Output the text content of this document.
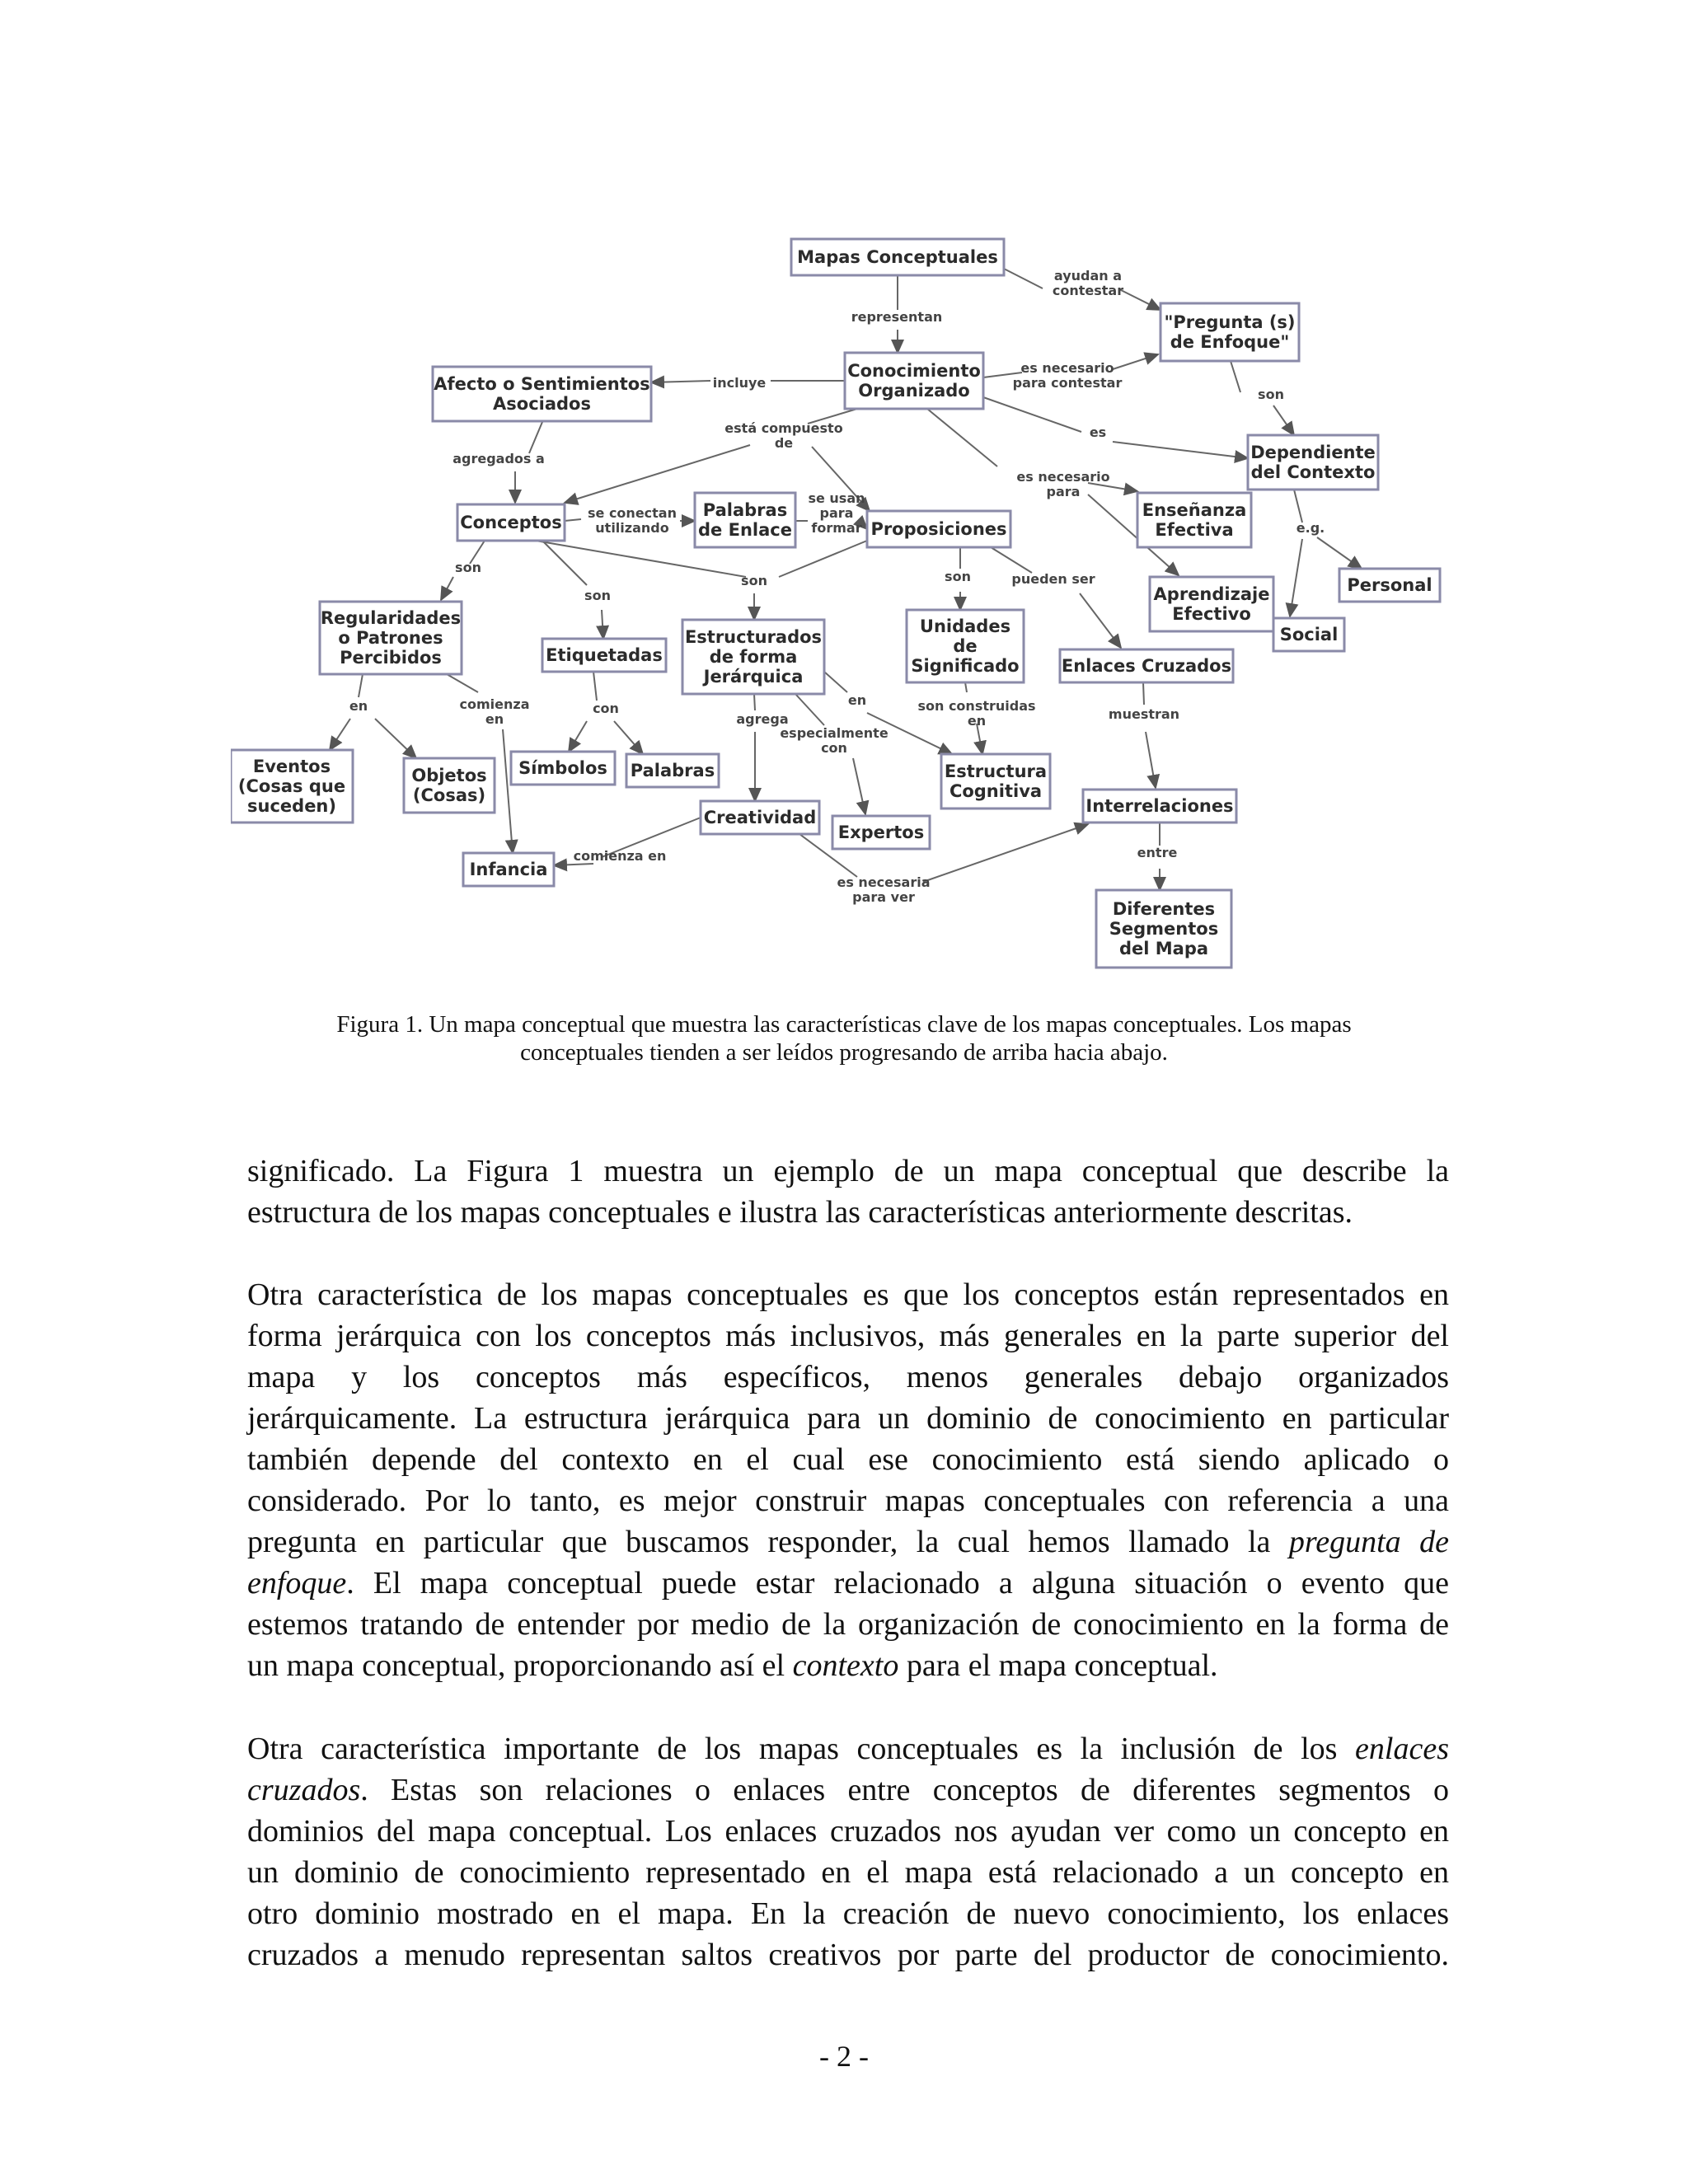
representan
ayudan a
contestar
incluye
es necesario
para contestar
son
está compuesto
de
es
agregados a
se conectan
utilizando
se usan
para
formar
es necesario
para
e.g.
son
son
son	son	pueden ser
en	comienza
en
con
agrega
especialmente
con
en	son construidas
en	muestran
comienza en
es necesaria
para ver
entre
Mapas Conceptuales
Conocimiento
Organizado
"Pregunta (s)
de Enfoque"
Afecto o Sentimientos
Asociados
Dependiente
del Contexto
Conceptos
Palabras
de Enlace	Proposiciones
Enseñanza
Efectiva
Aprendizaje
Efectivo
Personal
Social
Regularidades
o Patrones
Percibidos	Etiquetadas
Estructurados
de forma
Jerárquica
Unidades
de
Significado Enlaces Cruzados
Eventos
(Cosas que
suceden)
Objetos
(Cosas)
Símbolos Palabras	Estructura
Cognitiva
Creatividad
Expertos
Interrelaciones
Infancia
Diferentes
Segmentos
del Mapa
Figura 1. Un mapa conceptual que muestra las características clave de los mapas conceptuales. Los mapas
conceptuales tienden a ser leídos progresando de arriba hacia abajo.
significado. La Figura 1 muestra un ejemplo de un mapa conceptual que describe la
estructura de los mapas conceptuales e ilustra las características anteriormente descritas.
Otra característica de los mapas conceptuales es que los conceptos están representados en
forma jerárquica con los conceptos más inclusivos, más generales en la parte superior del
mapa y los conceptos más específicos, menos generales debajo organizados
jerárquicamente. La estructura jerárquica para un dominio de conocimiento en particular
también depende del contexto en el cual ese conocimiento está siendo aplicado o
considerado. Por lo tanto, es mejor construir mapas conceptuales con referencia a una
pregunta en particular que buscamos responder, la cual hemos llamado la pregunta de
enfoque. El mapa conceptual puede estar relacionado a alguna situación o evento que
estemos tratando de entender por medio de la organización de conocimiento en la forma de
un mapa conceptual, proporcionando así el contexto para el mapa conceptual.
Otra característica importante de los mapas conceptuales es la inclusión de los enlaces
cruzados. Estas son relaciones o enlaces entre conceptos de diferentes segmentos o
dominios del mapa conceptual. Los enlaces cruzados nos ayudan ver como un concepto en
un dominio de conocimiento representado en el mapa está relacionado a un concepto en
otro dominio mostrado en el mapa. En la creación de nuevo conocimiento, los enlaces
cruzados a menudo representan saltos creativos por parte del productor de conocimiento.
- 2 -
